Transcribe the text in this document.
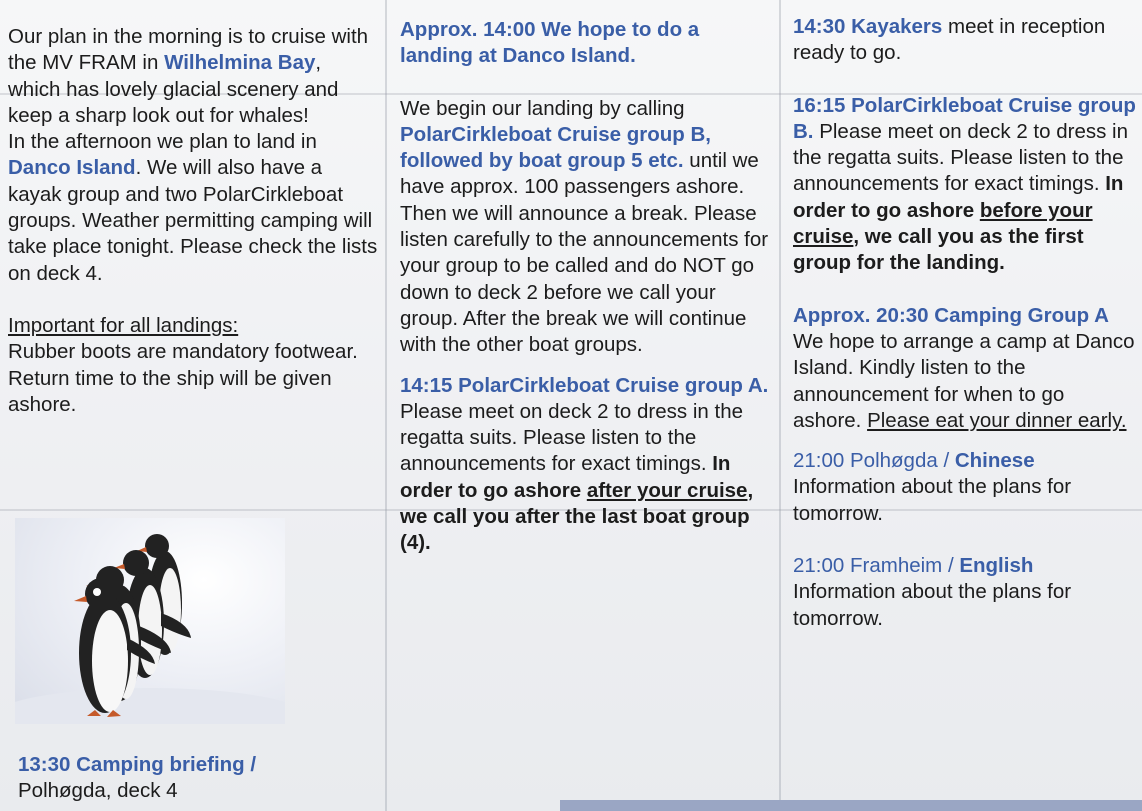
Our plan in the morning is to cruise with the MV FRAM in Wilhelmina Bay, which has lovely glacial scenery and keep a sharp look out for whales!

In the afternoon we plan to land in Danco Island. We will also have a kayak group and two PolarCirkleboat groups. Weather permitting camping will take place tonight. Please check the lists on deck 4.

Important for all landings:
Rubber boots are mandatory footwear. Return time to the ship will be given ashore.

13:30 Camping briefing /
Polhøgda, deck 4

Approx. 14:00 We hope to do a landing at Danco Island.

We begin our landing by calling PolarCirkleboat Cruise group B, followed by boat group 5 etc. until we have approx. 100 passengers ashore. Then we will announce a break. Please listen carefully to the announcements for your group to be called and do NOT go down to deck 2 before we call your group. After the break we will continue with the other boat groups.

14:15 PolarCirkleboat Cruise group A. Please meet on deck 2 to dress in the regatta suits. Please listen to the announcements for exact timings. In order to go ashore after your cruise, we call you after the last boat group (4).

14:30 Kayakers meet in reception ready to go.

16:15 PolarCirkleboat Cruise group B. Please meet on deck 2 to dress in the regatta suits. Please listen to the announcements for exact timings. In order to go ashore before your cruise, we call you as the first group for the landing.

Approx. 20:30 Camping Group A
We hope to arrange a camp at Danco Island. Kindly listen to the announcement for when to go ashore. Please eat your dinner early.

21:00 Polhøgda / Chinese
Information about the plans for tomorrow.

21:00 Framheim / English
Information about the plans for tomorrow.
